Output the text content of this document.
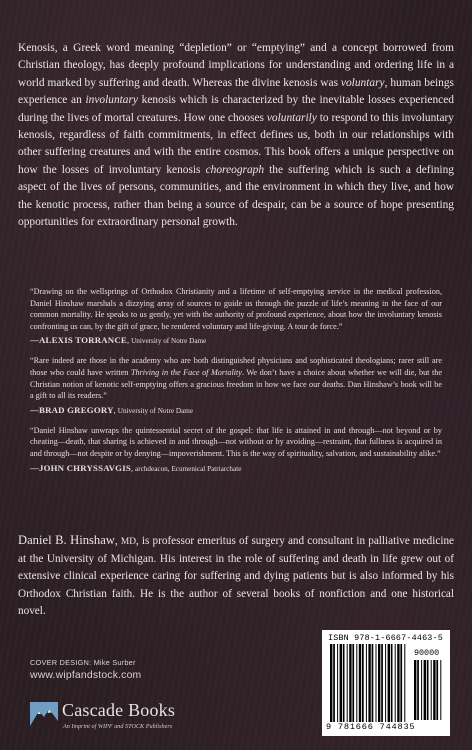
Kenosis, a Greek word meaning “depletion” or “emptying” and a concept borrowed from Christian theology, has deeply profound implications for understanding and ordering life in a world marked by suffering and death. Whereas the divine kenosis was voluntary, human beings experience an involuntary kenosis which is characterized by the inevitable losses experienced during the lives of mortal creatures. How one chooses voluntarily to respond to this involuntary kenosis, regardless of faith commitments, in effect defines us, both in our relationships with other suffering creatures and with the entire cosmos. This book offers a unique perspective on how the losses of involuntary kenosis choreograph the suffering which is such a defining aspect of the lives of persons, communities, and the environment in which they live, and how the kenotic process, rather than being a source of despair, can be a source of hope presenting opportunities for extraordinary personal growth.

“Drawing on the wellsprings of Orthodox Christianity and a lifetime of self-emptying service in the medical profession, Daniel Hinshaw marshals a dizzying array of sources to guide us through the puzzle of life’s meaning in the face of our common mortality. He speaks to us gently, yet with the authority of profound experience, about how the involuntary kenosis confronting us can, by the gift of grace, be rendered voluntary and life-giving. A tour de force.”

—ALEXIS TORRANCE, University of Notre Dame

“Rare indeed are those in the academy who are both distinguished physicians and sophisticated theologians; rarer still are those who could have written Thriving in the Face of Mortality. We don’t have a choice about whether we will die, but the Christian notion of kenotic self-emptying offers a gracious freedom in how we face our deaths. Dan Hinshaw’s book will be a gift to all its readers.”

—BRAD GREGORY, University of Notre Dame

“Daniel Hinshaw unwraps the quintessential secret of the gospel: that life is attained in and through—not beyond or by cheating—death, that sharing is achieved in and through—not without or by avoiding—restraint, that fullness is acquired in and through—not despite or by denying—impoverishment. This is the way of spirituality, salvation, and sustainability alike.”

—JOHN CHRYSSAVGIS, archdeacon, Ecumenical Patriarchate

Daniel B. Hinshaw, MD, is professor emeritus of surgery and consultant in palliative medicine at the University of Michigan. His interest in the role of suffering and death in life grew out of extensive clinical experience caring for suffering and dying patients but is also informed by his Orthodox Christian faith. He is the author of several books of nonfiction and one historical novel.

COVER DESIGN: Mike Surber
www.wipfandstock.com
Cascade Books
An Imprint of WIPF and STOCK Publishers
ISBN 978-1-6667-4463-5
90000
9 781666 744835
